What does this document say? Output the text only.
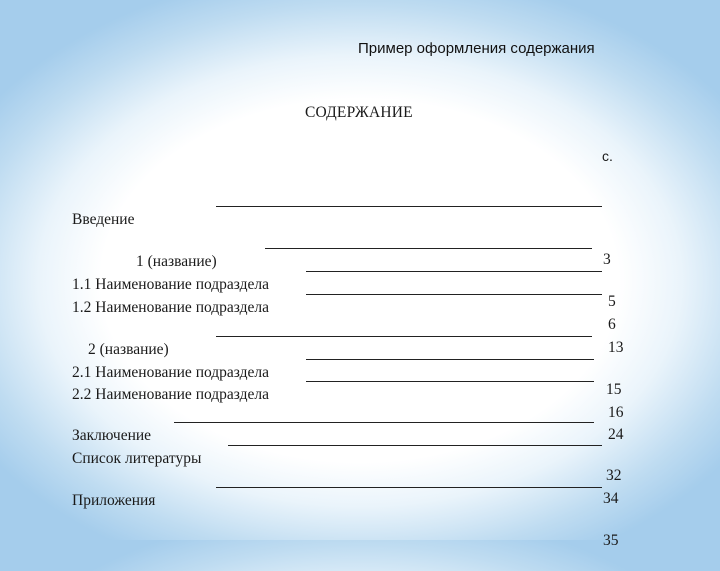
Пример оформления содержания
СОДЕРЖАНИЕ
с.

Введение

3

1 (название)

5

1.1 Наименование подраздела

6

1.2 Наименование подраздела

13

2 (название)

15

2.1 Наименование подраздела

16

2.2 Наименование подраздела

24

Заключение

32

Список литературы

34

Приложения

35
